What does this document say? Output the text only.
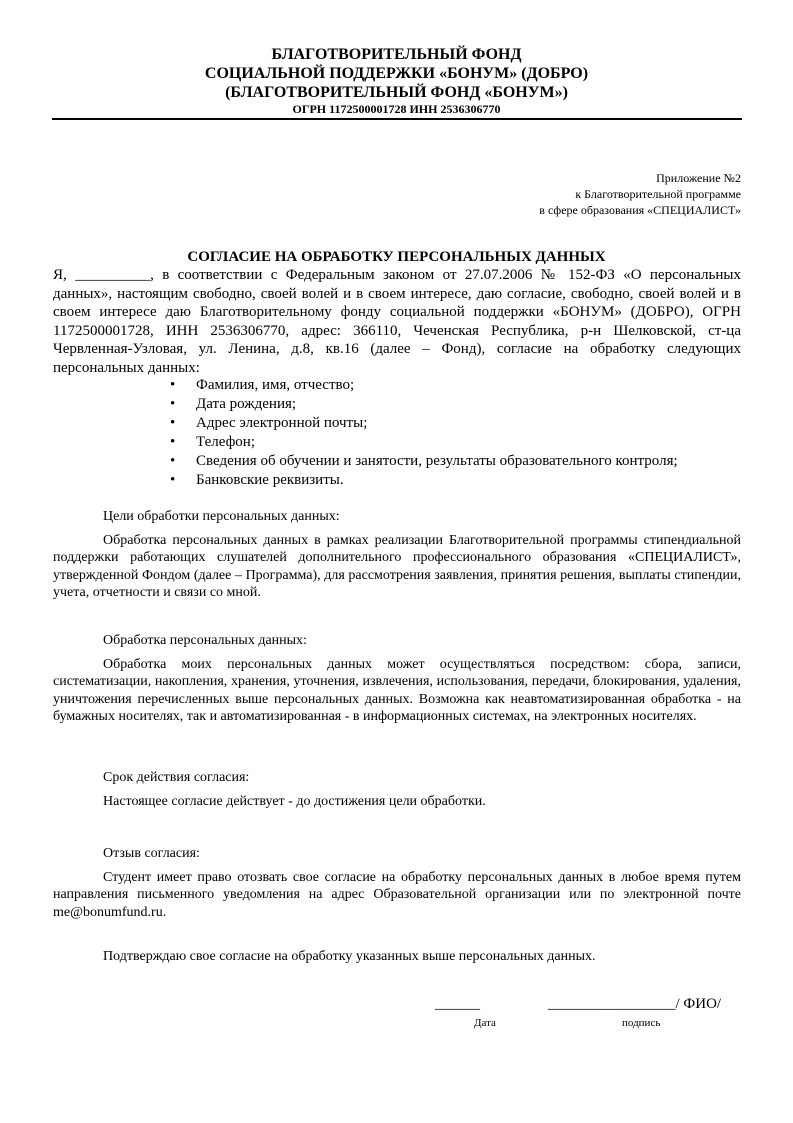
БЛАГОТВОРИТЕЛЬНЫЙ ФОНД
СОЦИАЛЬНОЙ ПОДДЕРЖКИ «БОНУМ» (ДОБРО)
(БЛАГОТВОРИТЕЛЬНЫЙ ФОНД «БОНУМ»)
ОГРН 1172500001728 ИНН 2536306770
Приложение №2
к Благотворительной программе
в сфере образования «СПЕЦИАЛИСТ»
СОГЛАСИЕ НА ОБРАБОТКУ ПЕРСОНАЛЬНЫХ ДАННЫХ

Я, __________, в соответствии с Федеральным законом от 27.07.2006 № 152-ФЗ «О персональных данных», настоящим свободно, своей волей и в своем интересе, даю согласие, свободно, своей волей и в своем интересе даю Благотворительному фонду социальной поддержки «БОНУМ» (ДОБРО), ОГРН 1172500001728, ИНН 2536306770, адрес: 366110, Чеченская Республика, р-н Шелковской, ст-ца Червленная-Узловая, ул. Ленина, д.8, кв.16 (далее – Фонд), согласие на обработку следующих персональных данных:

• Фамилия, имя, отчество;
• Дата рождения;
• Адрес электронной почты;
• Телефон;
• Сведения об обучении и занятости, результаты образовательного контроля;
• Банковские реквизиты.

Цели обработки персональных данных:

Обработка персональных данных в рамках реализации Благотворительной программы стипендиальной поддержки работающих слушателей дополнительного профессионального образования «СПЕЦИАЛИСТ», утвержденной Фондом (далее – Программа), для рассмотрения заявления, принятия решения, выплаты стипендии, учета, отчетности и связи со мной.

Обработка персональных данных:

Обработка моих персональных данных может осуществляться посредством: сбора, записи, систематизации, накопления, хранения, уточнения, извлечения, использования, передачи, блокирования, удаления, уничтожения перечисленных выше персональных данных. Возможна как неавтоматизированная обработка - на бумажных носителях, так и автоматизированная - в информационных системах, на электронных носителях.

Срок действия согласия:

Настоящее согласие действует - до достижения цели обработки.

Отзыв согласия:

Студент имеет право отозвать свое согласие на обработку персональных данных в любое время путем направления письменного уведомления на адрес Образовательной организации или по электронной почте me@bonumfund.ru.

Подтверждаю свое согласие на обработку указанных выше персональных данных.

______	_________________/ ФИО/
Дата	подпись
